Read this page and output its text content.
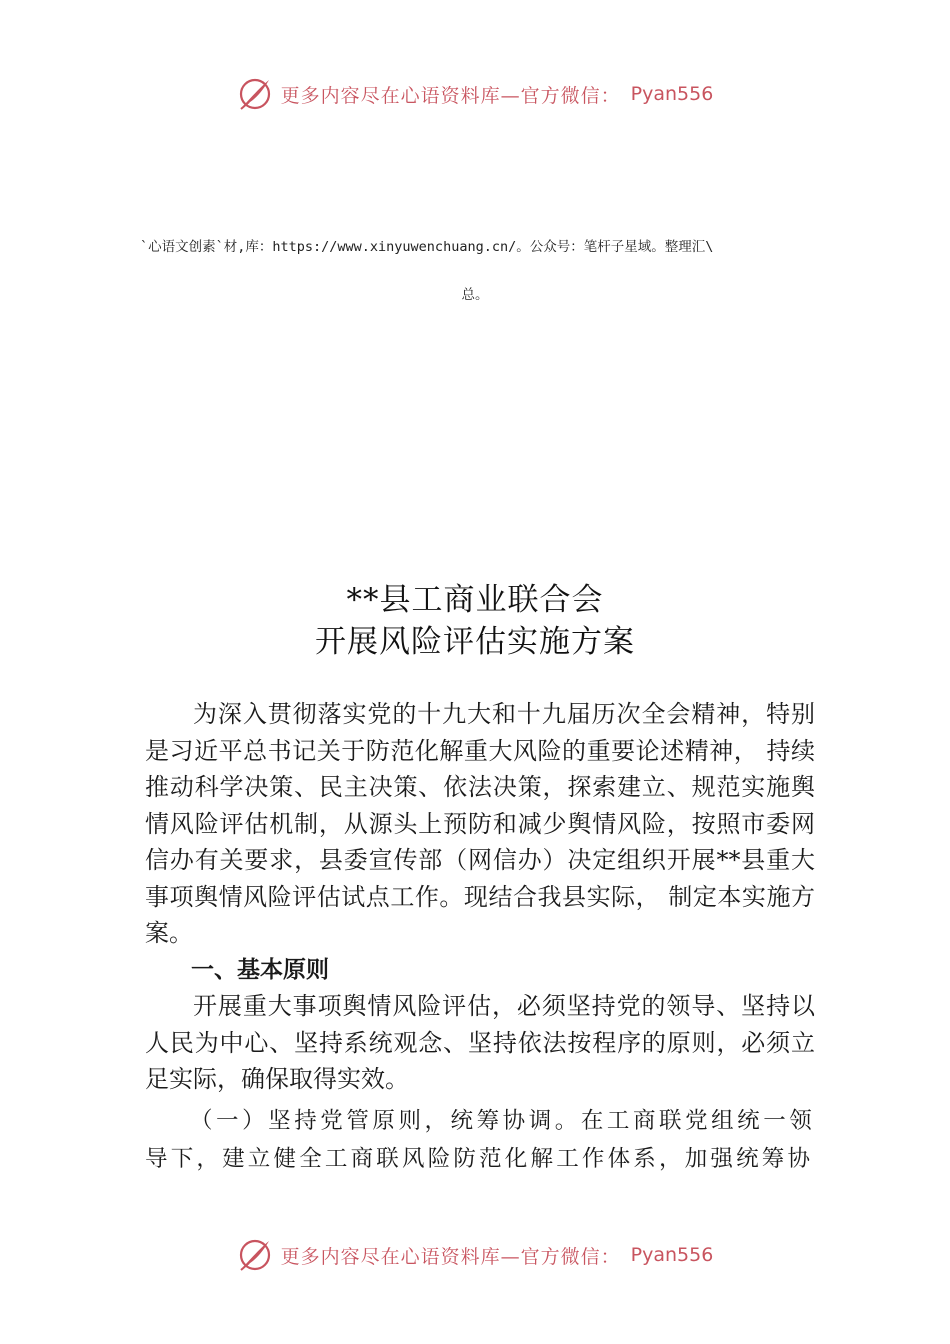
更多内容尽在心语资料库—官方微信： Pyan556
`心语文创素`材,库：https://www.xinyuwenchuang.cn/。公众号：笔杆子星域。整理汇\
总。
**县工商业联合会
开展风险评估实施方案

为深入贯彻落实党的十九大和十九届历次全会精神，特别是习近平总书记关于防范化解重大风险的重要论述精神， 持续推动科学决策、民主决策、依法决策，探索建立、规范实施舆情风险评估机制，从源头上预防和减少舆情风险，按照市委网信办有关要求，县委宣传部（网信办）决定组织开展**县重大事项舆情风险评估试点工作。现结合我县实际， 制定本实施方案。

一、基本原则

开展重大事项舆情风险评估，必须坚持党的领导、坚持以人民为中心、坚持系统观念、坚持依法按程序的原则，必须立足实际，确保取得实效。

（一）坚持党管原则，统筹协调。在工商联党组统一领导下，建立健全工商联风险防范化解工作体系，加强统筹协

更多内容尽在心语资料库—官方微信： Pyan556
